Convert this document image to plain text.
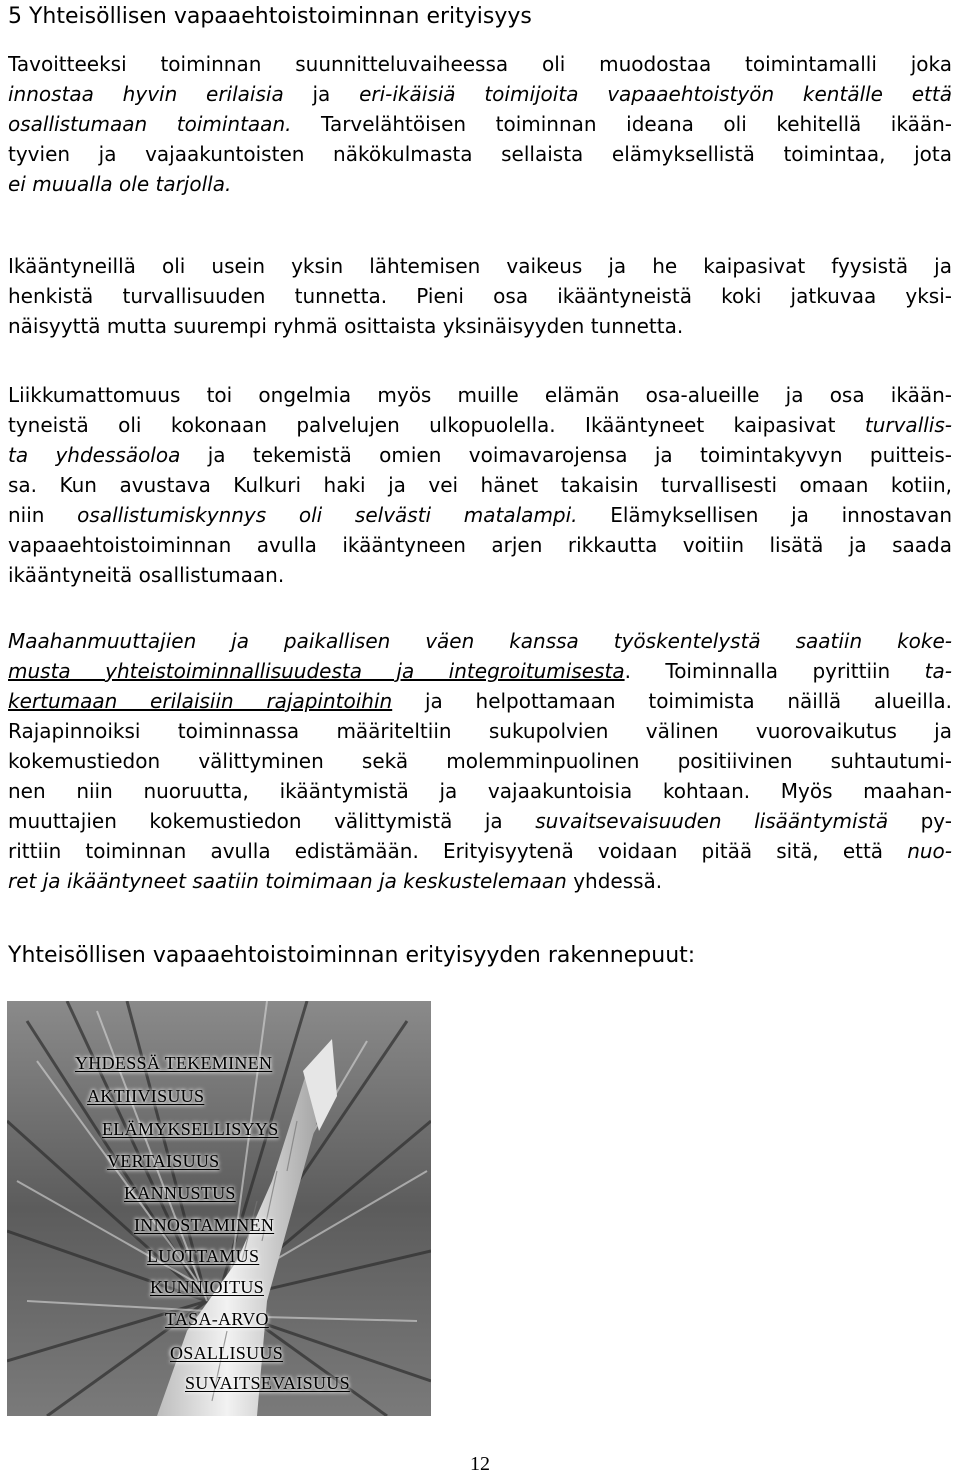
5 Yhteisöllisen vapaaehtoistoiminnan erityisyys
Tavoitteeksi toiminnan suunnitteluvaiheessa oli muodostaa toimintamalli joka
innostaa hyvin erilaisia ja eri-ikäisiä toimijoita vapaaehtoistyön kentälle että
osallistumaan toimintaan. Tarvelähtöisen toiminnan ideana oli kehitellä ikään-
tyvien ja vajaakuntoisten näkökulmasta sellaista elämyksellistä toimintaa, jota
ei muualla ole tarjolla.
Ikääntyneillä oli usein yksin lähtemisen vaikeus ja he kaipasivat fyysistä ja
henkistä turvallisuuden tunnetta. Pieni osa ikääntyneistä koki jatkuvaa yksi-
näisyyttä mutta suurempi ryhmä osittaista yksinäisyyden tunnetta.
Liikkumattomuus toi ongelmia myös muille elämän osa-alueille ja osa ikään-
tyneistä oli kokonaan palvelujen ulkopuolella. Ikääntyneet kaipasivat turvallis-
ta yhdessäoloa ja tekemistä omien voimavarojensa ja toimintakyvyn puitteis-
sa. Kun avustava Kulkuri haki ja vei hänet takaisin turvallisesti omaan kotiin,
niin osallistumiskynnys oli selvästi matalampi. Elämyksellisen ja innostavan
vapaaehtoistoiminnan avulla ikääntyneen arjen rikkautta voitiin lisätä ja saada
ikääntyneitä osallistumaan.
Maahanmuuttajien ja paikallisen väen kanssa työskentelystä saatiin koke-
musta yhteistoiminnallisuudesta ja integroitumisesta. Toiminnalla pyrittiin ta-
kertumaan erilaisiin rajapintoihin ja helpottamaan toimimista näillä alueilla.
Rajapinnoiksi toiminnassa määriteltiin sukupolvien välinen vuorovaikutus ja
kokemustiedon välittyminen sekä molemminpuolinen positiivinen suhtautumi-
nen niin nuoruutta, ikääntymistä ja vajaakuntoisia kohtaan. Myös maahan-
muuttajien kokemustiedon välittymistä ja suvaitsevaisuuden lisääntymistä py-
rittiin toiminnan avulla edistämään. Erityisyytenä voidaan pitää sitä, että nuo-
ret ja ikääntyneet saatiin toimimaan ja keskustelemaan yhdessä.
Yhteisöllisen vapaaehtoistoiminnan erityisyyden rakennepuut:
YHDESSÄ TEKEMINEN
AKTIIVISUUS
ELÄMYKSELLISYYS
VERTAISUUS
KANNUSTUS
INNOSTAMINEN
LUOTTAMUS
KUNNIOITUS
TASA-ARVO
OSALLISUUS
SUVAITSEVAISUUS
12
